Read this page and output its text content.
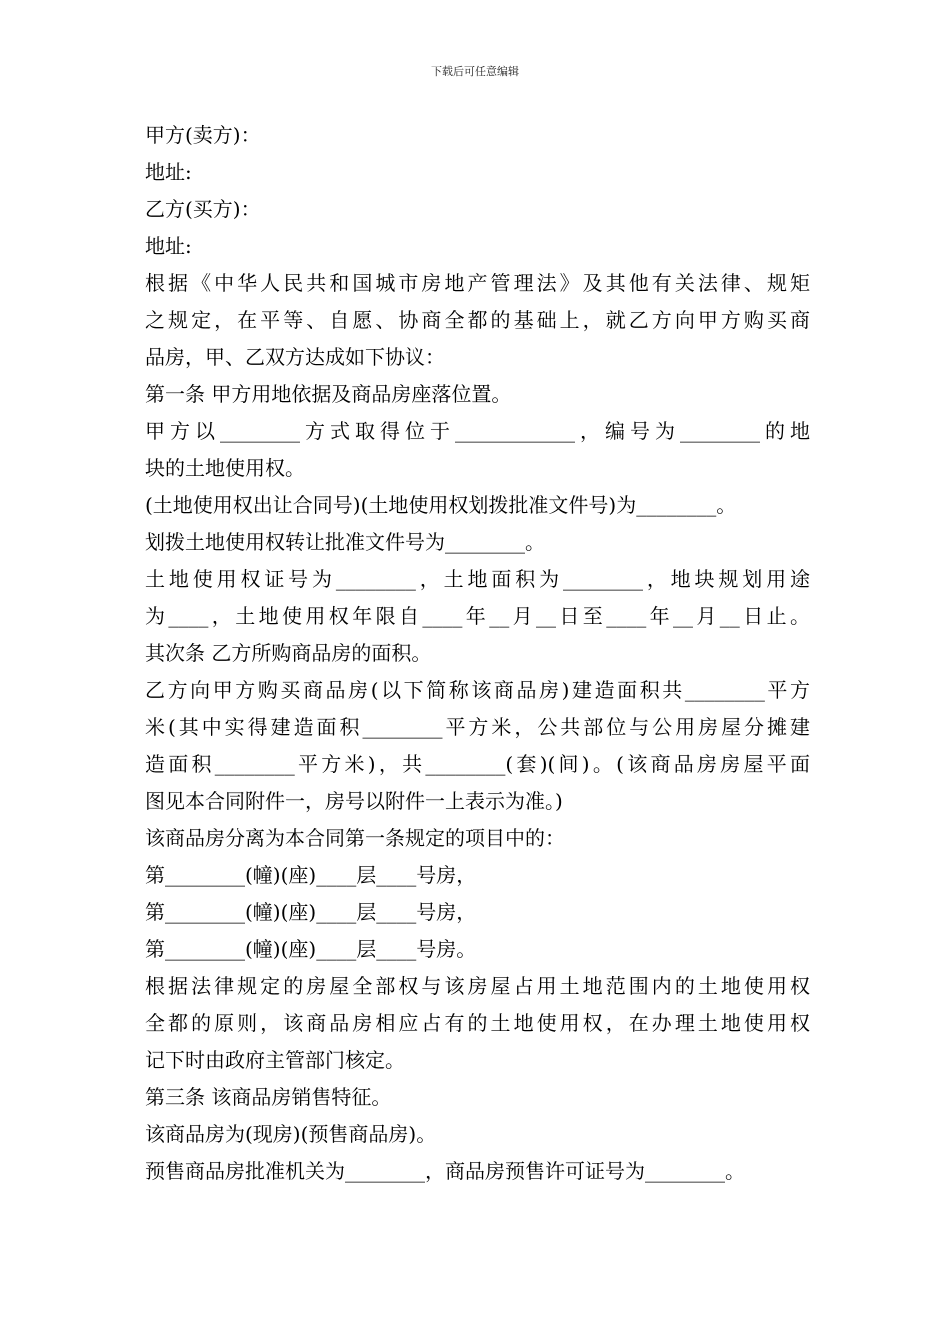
下载后可任意编辑
甲方(卖方)：
地址:
乙方(买方)：
地址:
根据《中华人民共和国城市房地产管理法》及其他有关法律、规矩
之规定，在平等、自愿、协商全都的基础上，就乙方向甲方购买商
品房，甲、乙双方达成如下协议：
第一条 甲方用地依据及商品房座落位置。
甲方以________方式取得位于____________，编号为________的地
块的土地使用权。
(土地使用权出让合同号)(土地使用权划拨批准文件号)为________。
划拨土地使用权转让批准文件号为________。
土地使用权证号为________，土地面积为________，地块规划用途
为____，土地使用权年限自____年__月__日至____年__月__日止。
其次条 乙方所购商品房的面积。
乙方向甲方购买商品房(以下简称该商品房)建造面积共________平方
米(其中实得建造面积________平方米，公共部位与公用房屋分摊建
造面积________平方米)，共________(套)(间)。(该商品房房屋平面
图见本合同附件一，房号以附件一上表示为准。)
该商品房分离为本合同第一条规定的项目中的：
第________(幢)(座)____层____号房，
第________(幢)(座)____层____号房，
第________(幢)(座)____层____号房。
根据法律规定的房屋全部权与该房屋占用土地范围内的土地使用权
全都的原则，该商品房相应占有的土地使用权，在办理土地使用权
记下时由政府主管部门核定。
第三条 该商品房销售特征。
该商品房为(现房)(预售商品房)。
预售商品房批准机关为________，商品房预售许可证号为________。
